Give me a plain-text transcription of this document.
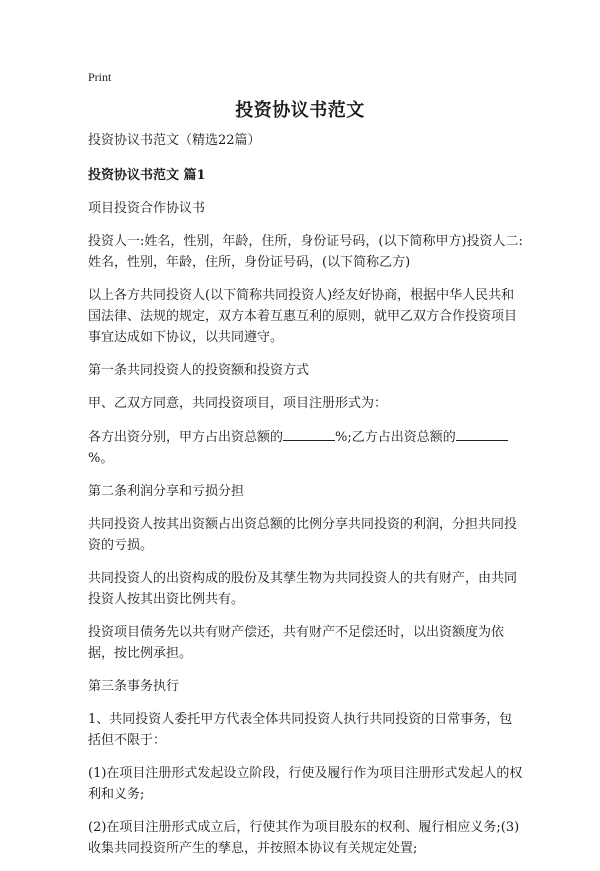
Print
投资协议书范文
投资协议书范文（精选22篇）
投资协议书范文 篇1
项目投资合作协议书
投资人一:姓名，性别，年龄，住所，身份证号码，(以下简称甲方)投资人二:姓名，性别，年龄，住所，身份证号码，(以下简称乙方)
以上各方共同投资人(以下简称共同投资人)经友好协商，根据中华人民共和国法律、法规的规定，双方本着互惠互利的原则，就甲乙双方合作投资项目事宜达成如下协议，以共同遵守。
第一条共同投资人的投资额和投资方式
甲、乙双方同意，共同投资项目，项目注册形式为：
各方出资分别，甲方占出资总额的	%;乙方占出资总额的%。
第二条利润分享和亏损分担
共同投资人按其出资额占出资总额的比例分享共同投资的利润，分担共同投资的亏损。
共同投资人的出资构成的股份及其孳生物为共同投资人的共有财产，由共同投资人按其出资比例共有。
投资项目债务先以共有财产偿还，共有财产不足偿还时，以出资额度为依据，按比例承担。
第三条事务执行
1、共同投资人委托甲方代表全体共同投资人执行共同投资的日常事务，包括但不限于：
(1)在项目注册形式发起设立阶段，行使及履行作为项目注册形式发起人的权利和义务;
(2)在项目注册形式成立后，行使其作为项目股东的权利、履行相应义务;(3)收集共同投资所产生的孳息，并按照本协议有关规定处置;
